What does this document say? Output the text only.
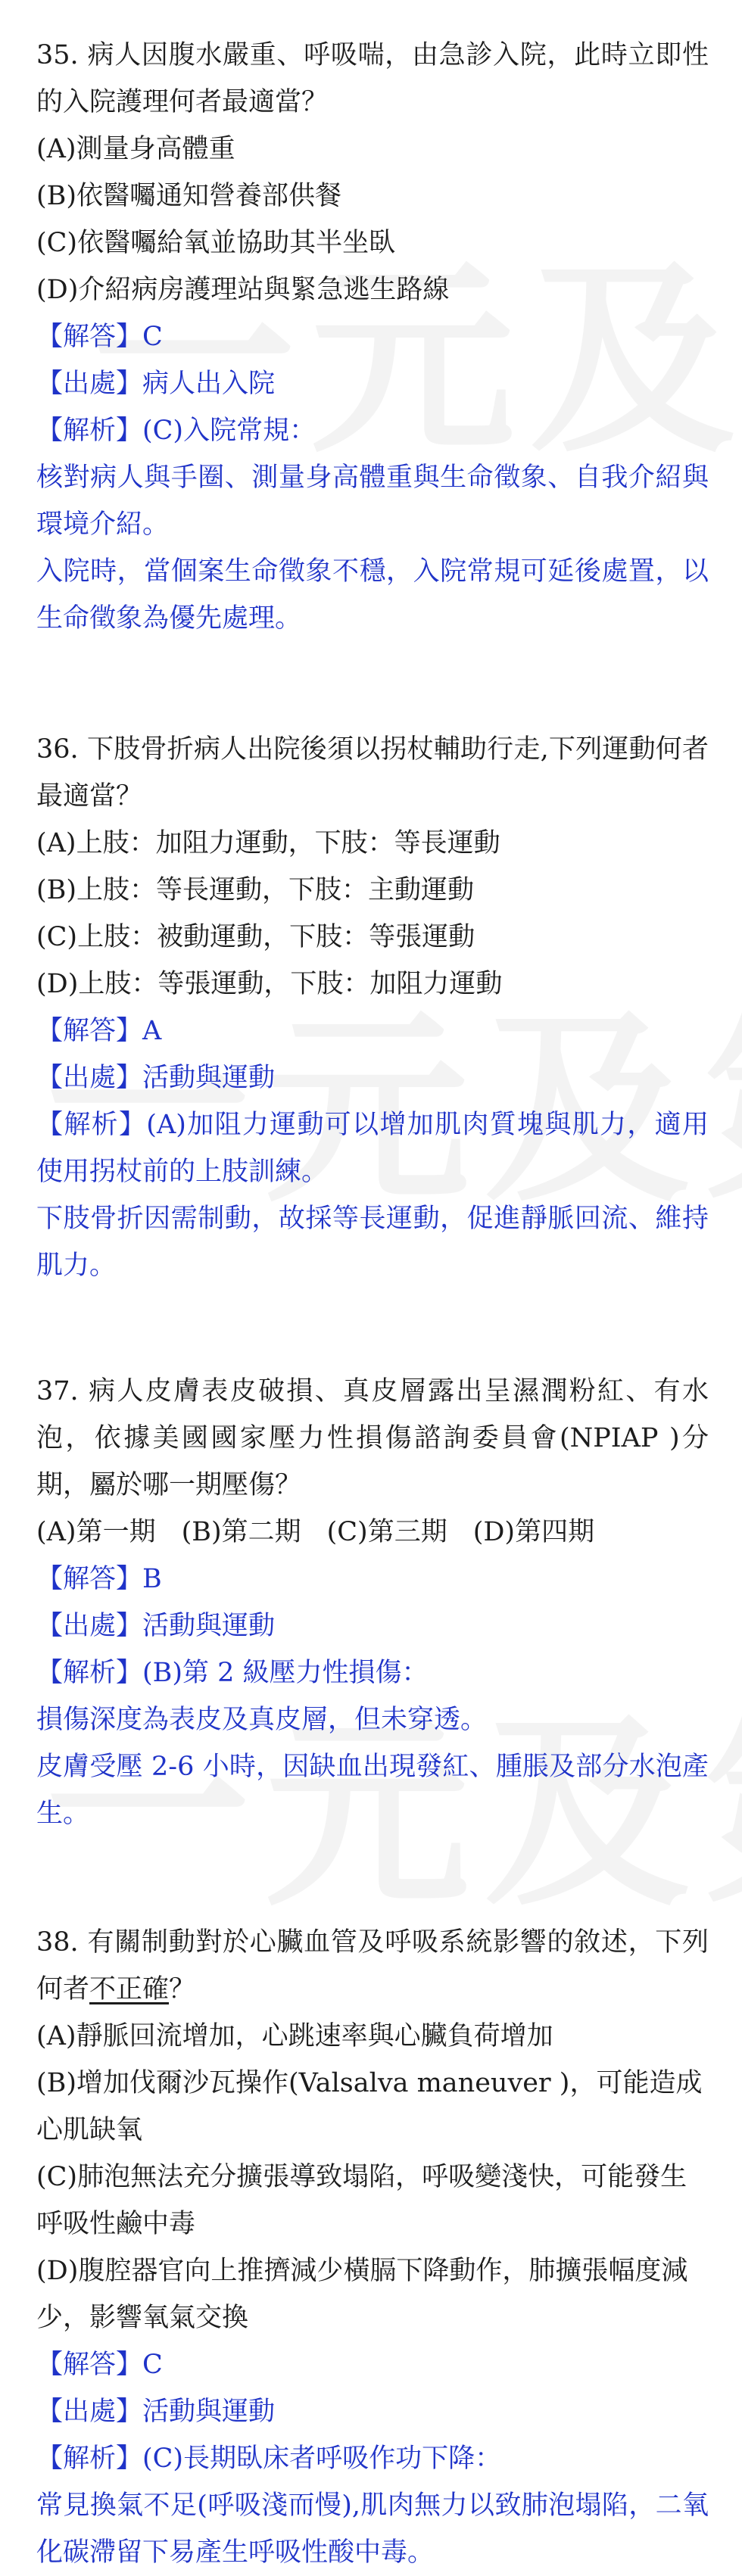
35. 病人因腹水嚴重、呼吸喘，由急診入院，此時立即性的入院護理何者最適當？

(A)測量身高體重

(B)依醫囑通知營養部供餐

(C)依醫囑給氧並協助其半坐臥

(D)介紹病房護理站與緊急逃生路線

【解答】C

【出處】病人出入院

【解析】(C)入院常規：

核對病人與手圈、測量身高體重與生命徵象、自我介紹與環境介紹。

入院時，當個案生命徵象不穩，入院常規可延後處置，以生命徵象為優先處理。

36. 下肢骨折病人出院後須以拐杖輔助行走,下列運動何者最適當？

(A)上肢：加阻力運動，下肢：等長運動

(B)上肢：等長運動，下肢：主動運動

(C)上肢：被動運動，下肢：等張運動

(D)上肢：等張運動，下肢：加阻力運動

【解答】A

【出處】活動與運動

【解析】(A)加阻力運動可以增加肌肉質塊與肌力，適用使用拐杖前的上肢訓練。

下肢骨折因需制動，故採等長運動，促進靜脈回流、維持肌力。

37. 病人皮膚表皮破損、真皮層露出呈濕潤粉紅、有水泡，依據美國國家壓力性損傷諮詢委員會(NPIAP )分期，屬於哪一期壓傷？

(A)第一期 (B)第二期 (C)第三期 (D)第四期

【解答】B

【出處】活動與運動

【解析】(B)第 2 級壓力性損傷：

損傷深度為表皮及真皮層，但未穿透。

皮膚受壓 2-6 小時，因缺血出現發紅、腫脹及部分水泡產生。

38. 有關制動對於心臟血管及呼吸系統影響的敘述，下列何者不正確？

(A)靜脈回流增加，心跳速率與心臟負荷增加

(B)增加伐爾沙瓦操作(Valsalva maneuver )，可能造成心肌缺氧

(C)肺泡無法充分擴張導致塌陷，呼吸變淺快，可能發生呼吸性鹼中毒

(D)腹腔器官向上推擠減少橫膈下降動作，肺擴張幅度減少，影響氧氣交換

【解答】C

【出處】活動與運動

【解析】(C)長期臥床者呼吸作功下降：

常見換氣不足(呼吸淺而慢),肌肉無力以致肺泡塌陷，二氧化碳滯留下易產生呼吸性酸中毒。
